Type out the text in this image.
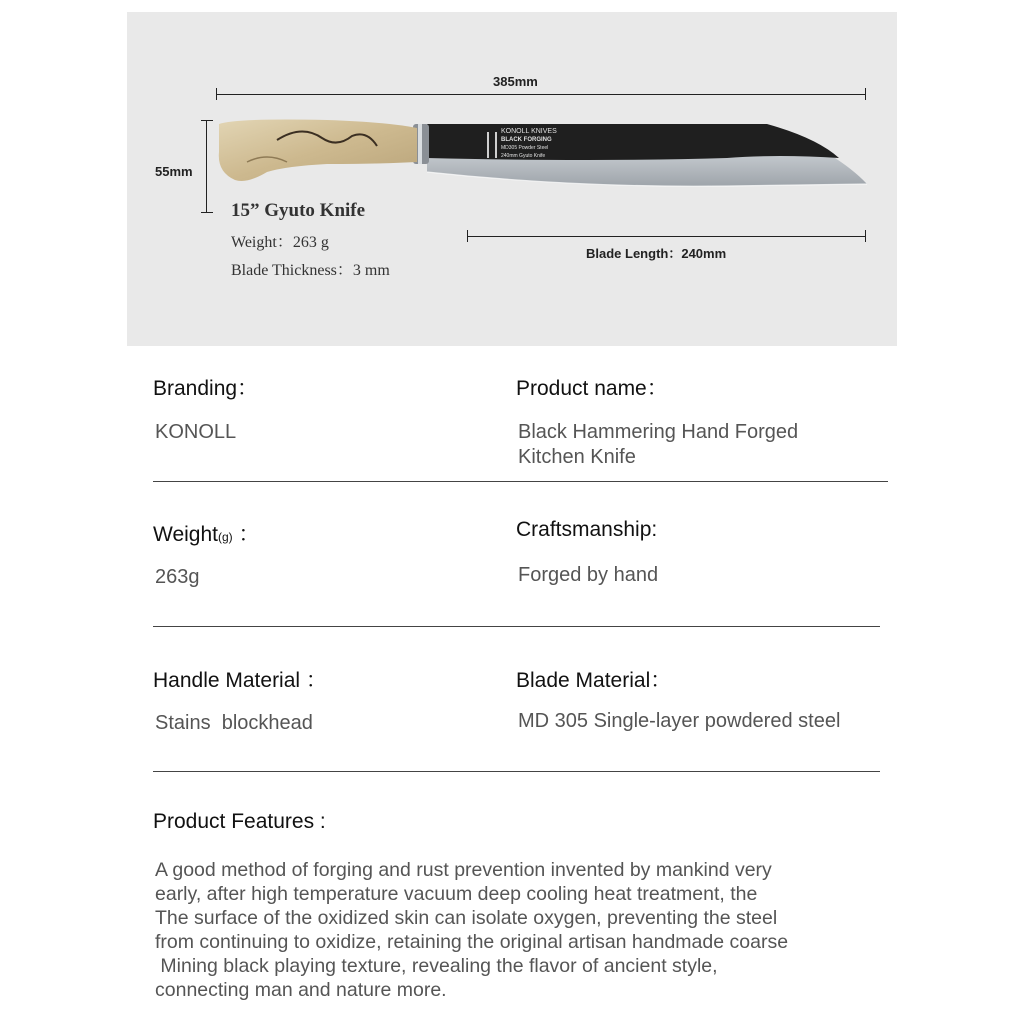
385mm
55mm
KONOLL KNIVES
BLACK FORGING
MD305 Powder Steel
240mm Gyuto Knife
15” Gyuto Knife
Weight：263 g
Blade Thickness：3 mm
Blade Length：240mm
Branding：
KONOLL
Product name：
Black Hammering Hand Forged
Kitchen Knife
Weight(g) ：
263g
Craftsmanship:
Forged by hand
Handle Material ：
Stains  blockhead
Blade Material：
MD 305 Single-layer powdered steel
Product Features :
A good method of forging and rust prevention invented by mankind very
early, after high temperature vacuum deep cooling heat treatment, the
The surface of the oxidized skin can isolate oxygen, preventing the steel
from continuing to oxidize, retaining the original artisan handmade coarse
Mining black playing texture, revealing the flavor of ancient style,
connecting man and nature more.
